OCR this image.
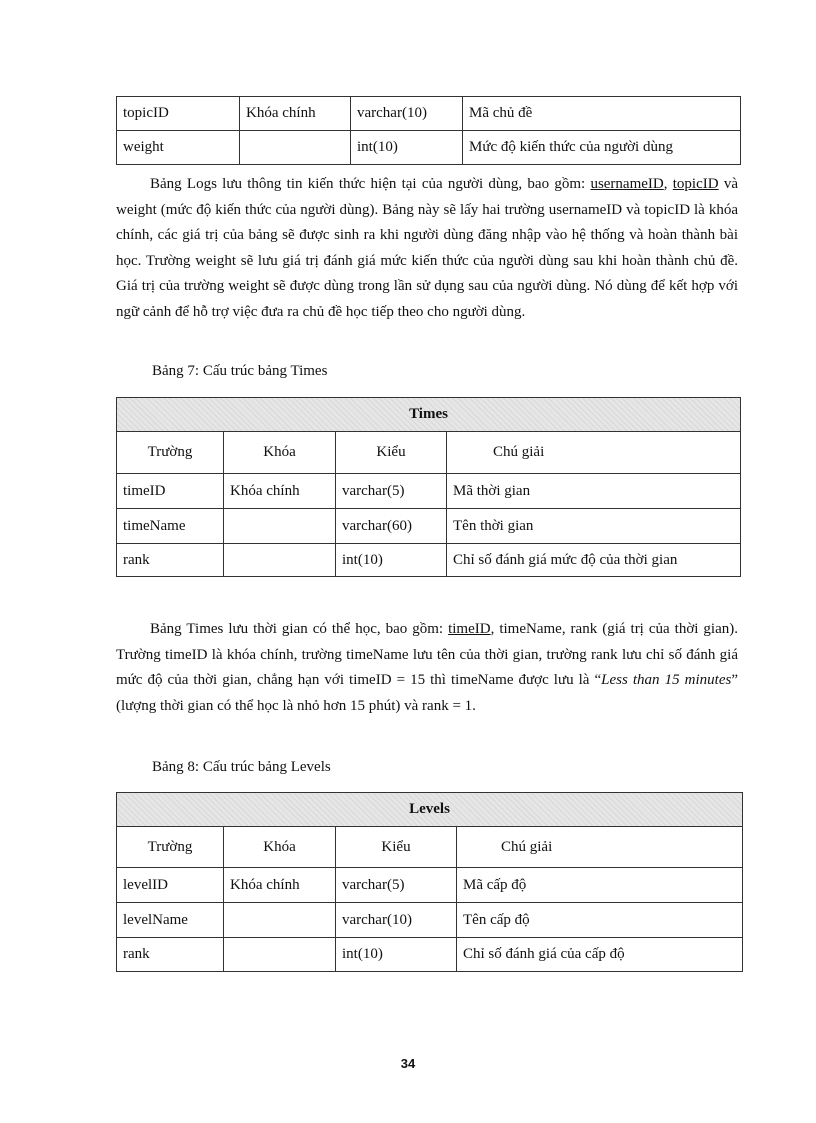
topicID	Khóa chính	varchar(10)	Mã chủ đề
weight		int(10)	Mức độ kiến thức của người dùng

Bảng Logs lưu thông tin kiến thức hiện tại của người dùng, bao gồm: usernameID, topicID và weight (mức độ kiến thức của người dùng). Bảng này sẽ lấy hai trường usernameID và topicID là khóa chính, các giá trị của bảng sẽ được sinh ra khi người dùng đăng nhập vào hệ thống và hoàn thành bài học. Trường weight sẽ lưu giá trị đánh giá mức kiến thức của người dùng sau khi hoàn thành chủ đề. Giá trị của trường weight sẽ được dùng trong lần sử dụng sau của người dùng. Nó dùng để kết hợp với ngữ cảnh để hỗ trợ việc đưa ra chủ đề học tiếp theo cho người dùng.

Bảng 7: Cấu trúc bảng Times

Times			
Trường	Khóa	Kiểu	Chú giải
timeID	Khóa chính	varchar(5)	Mã thời gian
timeName		varchar(60)	Tên thời gian
rank		int(10)	Chỉ số đánh giá mức độ của thời gian

Bảng Times lưu thời gian có thể học, bao gồm: timeID, timeName, rank (giá trị của thời gian). Trường timeID là khóa chính, trường timeName lưu tên của thời gian, trường rank lưu chỉ số đánh giá mức độ của thời gian, chẳng hạn với timeID = 15 thì timeName được lưu là “Less than 15 minutes” (lượng thời gian có thể học là nhỏ hơn 15 phút) và rank = 1.

Bảng 8: Cấu trúc bảng Levels

Levels			
Trường	Khóa	Kiểu	Chú giải
levelID	Khóa chính	varchar(5)	Mã cấp độ
levelName		varchar(10)	Tên cấp độ
rank		int(10)	Chỉ số đánh giá của cấp độ
34
